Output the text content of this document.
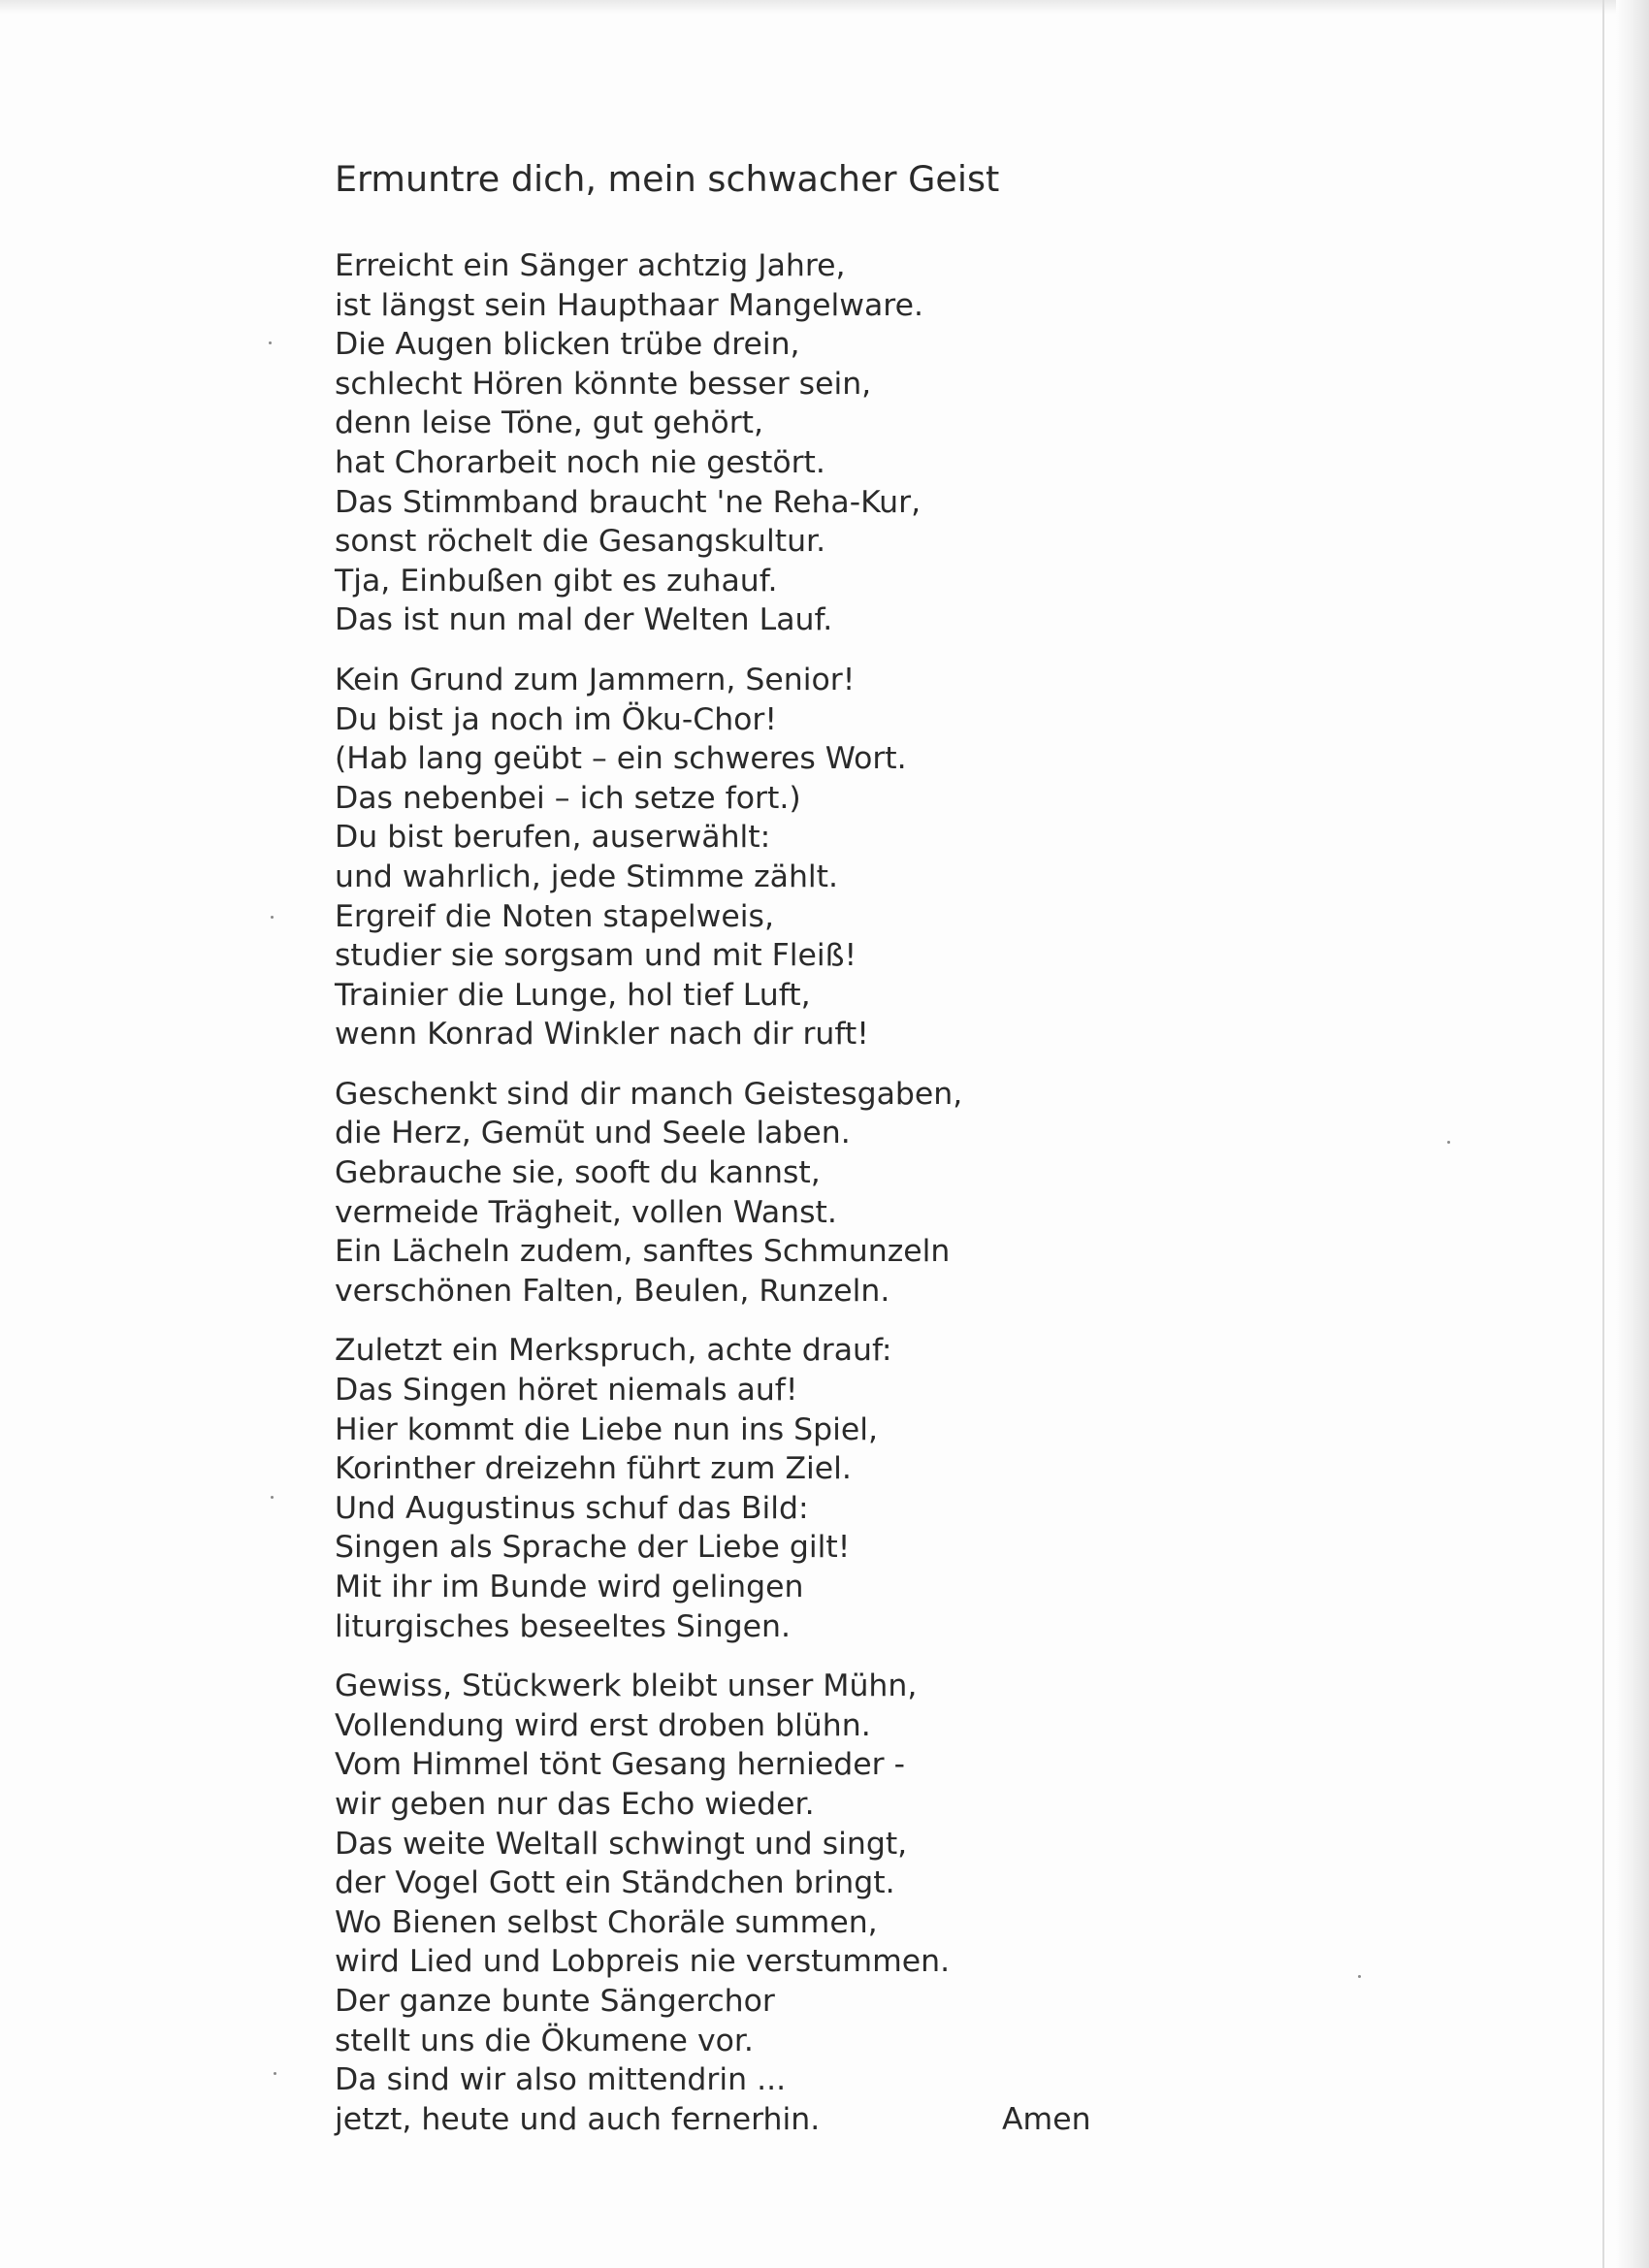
Ermuntre dich, mein schwacher Geist
Erreicht ein Sänger achtzig Jahre,
ist längst sein Haupthaar Mangelware.
Die Augen blicken trübe drein,
schlecht Hören könnte besser sein,
denn leise Töne, gut gehört,
hat Chorarbeit noch nie gestört.
Das Stimmband braucht 'ne Reha-Kur,
sonst röchelt die Gesangskultur.
Tja, Einbußen gibt es zuhauf.
Das ist nun mal der Welten Lauf.
Kein Grund zum Jammern, Senior!
Du bist ja noch im Öku-Chor!
(Hab lang geübt – ein schweres Wort.
Das nebenbei – ich setze fort.)
Du bist berufen, auserwählt:
und wahrlich, jede Stimme zählt.
Ergreif die Noten stapelweis,
studier sie sorgsam und mit Fleiß!
Trainier die Lunge, hol tief Luft,
wenn Konrad Winkler nach dir ruft!
Geschenkt sind dir manch Geistesgaben,
die Herz, Gemüt und Seele laben.
Gebrauche sie, sooft du kannst,
vermeide Trägheit, vollen Wanst.
Ein Lächeln zudem, sanftes Schmunzeln
verschönen Falten, Beulen, Runzeln.
Zuletzt ein Merkspruch, achte drauf:
Das Singen höret niemals auf!
Hier kommt die Liebe nun ins Spiel,
Korinther dreizehn führt zum Ziel.
Und Augustinus schuf das Bild:
Singen als Sprache der Liebe gilt!
Mit ihr im Bunde wird gelingen
liturgisches beseeltes Singen.
Gewiss, Stückwerk bleibt unser Mühn,
Vollendung wird erst droben blühn.
Vom Himmel tönt Gesang hernieder -
wir geben nur das Echo wieder.
Das weite Weltall schwingt und singt,
der Vogel Gott ein Ständchen bringt.
Wo Bienen selbst Choräle summen,
wird Lied und Lobpreis nie verstummen.
Der ganze bunte Sängerchor
stellt uns die Ökumene vor.
Da sind wir also mittendrin ...
jetzt, heute und auch fernerhin.	Amen
